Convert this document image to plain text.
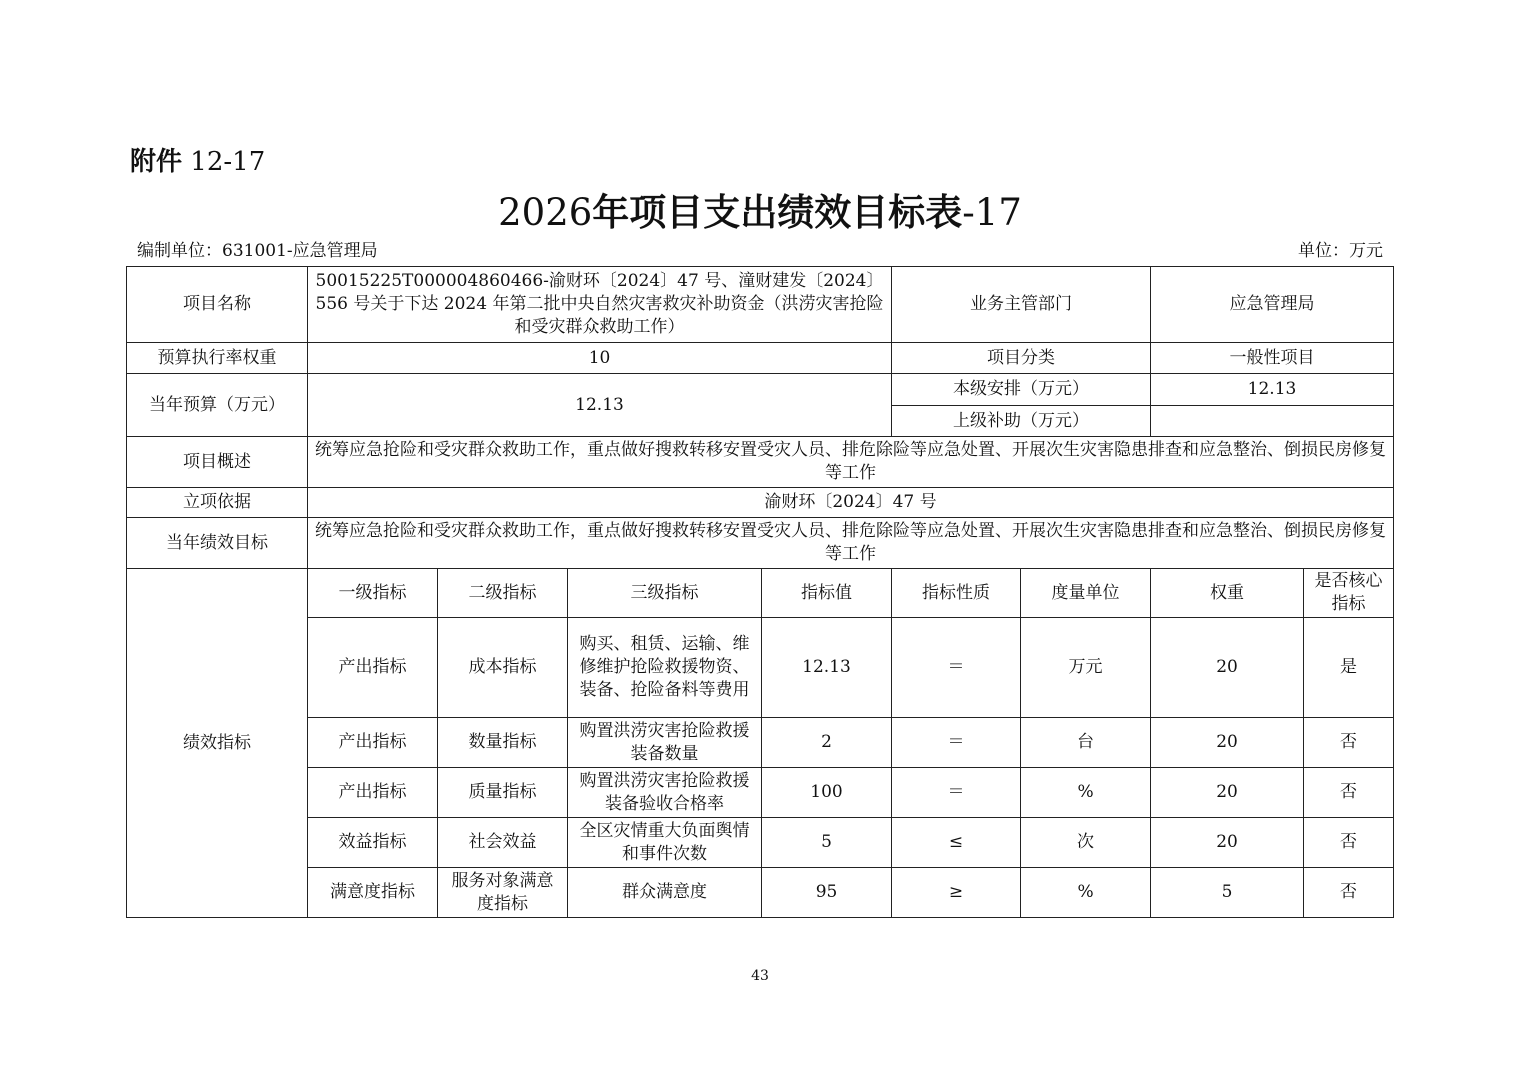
附件 12-17
2026年项目支出绩效目标表-17
编制单位：631001-应急管理局	单位：万元
项目名称	50015225T000004860466-渝财环〔2024〕47 号、潼财建发〔2024〕556 号关于下达 2024 年第二批中央自然灾害救灾补助资金（洪涝灾害抢险和受灾群众救助工作）				业务主管部门		应急管理局	
预算执行率权重	10				项目分类		一般性项目	
当年预算（万元）	12.13				本级安排（万元）		12.13	
					上级补助（万元）			
项目概述	统筹应急抢险和受灾群众救助工作，重点做好搜救转移安置受灾人员、排危除险等应急处置、开展次生灾害隐患排查和应急整治、倒损民房修复等工作							
立项依据	渝财环〔2024〕47 号							
当年绩效目标	统筹应急抢险和受灾群众救助工作，重点做好搜救转移安置受灾人员、排危除险等应急处置、开展次生灾害隐患排查和应急整治、倒损民房修复等工作							
绩效指标	一级指标	二级指标	三级指标	指标值	指标性质	度量单位	权重	是否核心指标
	产出指标	成本指标	购买、租赁、运输、维修维护抢险救援物资、装备、抢险备料等费用	12.13	＝	万元	20	是
	产出指标	数量指标	购置洪涝灾害抢险救援装备数量	2	＝	台	20	否
	产出指标	质量指标	购置洪涝灾害抢险救援装备验收合格率	100	＝	%	20	否
	效益指标	社会效益	全区灾情重大负面舆情和事件次数	5	≤	次	20	否
	满意度指标	服务对象满意度指标	群众满意度	95	≥	%	5	否
43
